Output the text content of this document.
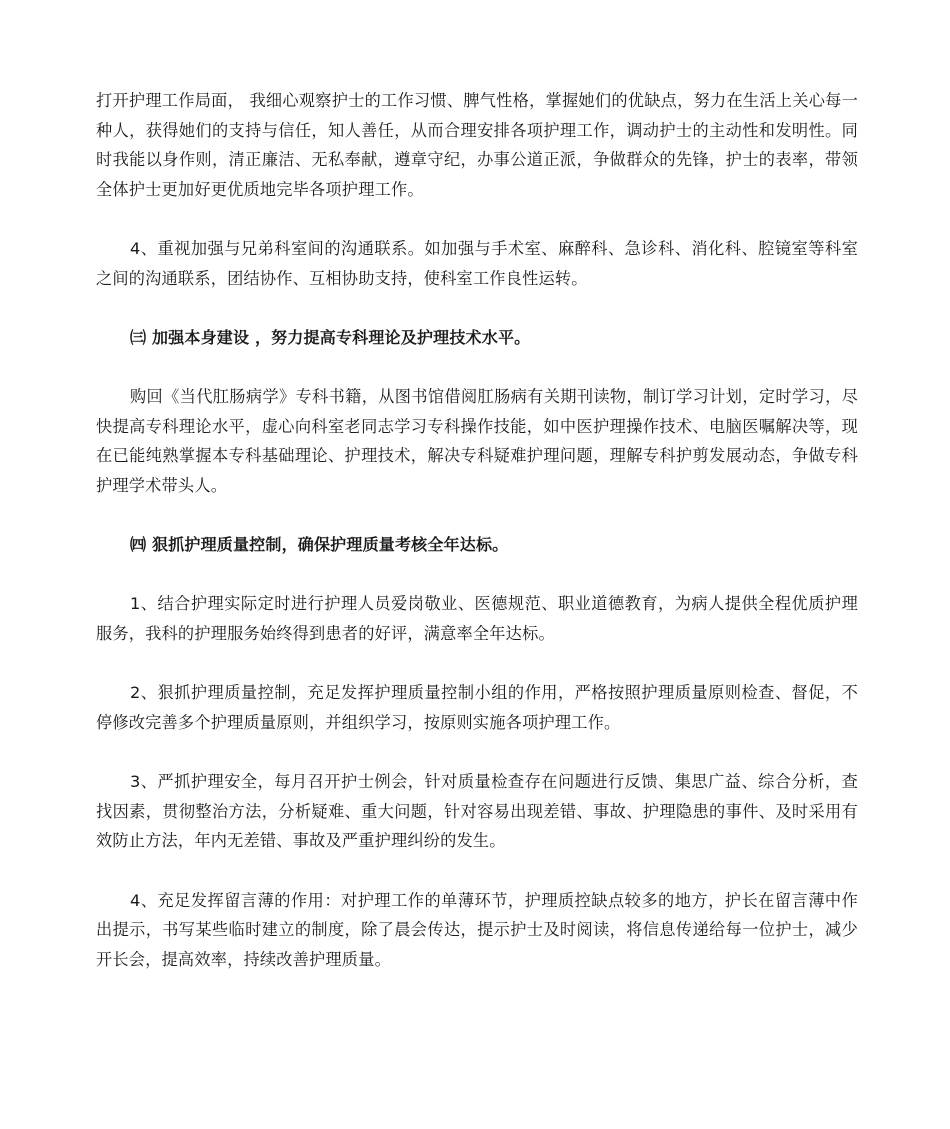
打开护理工作局面， 我细心观察护士的工作习惯、脾气性格，掌握她们的优缺点，努力在生活上关心每一种人，获得她们的支持与信任，知人善任，从而合理安排各项护理工作，调动护士的主动性和发明性。同时我能以身作则，清正廉洁、无私奉献，遵章守纪，办事公道正派，争做群众的先锋，护士的表率，带领全体护士更加好更优质地完毕各项护理工作。

4、重视加强与兄弟科室间的沟通联系。如加强与手术室、麻醉科、急诊科、消化科、腔镜室等科室之间的沟通联系，团结协作、互相协助支持，使科室工作良性运转。

㈢ 加强本身建设 ，努力提高专科理论及护理技术水平。

购回《当代肛肠病学》专科书籍，从图书馆借阅肛肠病有关期刊读物，制订学习计划，定时学习，尽快提高专科理论水平，虚心向科室老同志学习专科操作技能，如中医护理操作技术、电脑医嘱解决等，现在已能纯熟掌握本专科基础理论、护理技术，解决专科疑难护理问题，理解专科护剪发展动态，争做专科护理学术带头人。

㈣ 狠抓护理质量控制，确保护理质量考核全年达标。

1、结合护理实际定时进行护理人员爱岗敬业、医德规范、职业道德教育，为病人提供全程优质护理服务，我科的护理服务始终得到患者的好评，满意率全年达标。

2、狠抓护理质量控制，充足发挥护理质量控制小组的作用，严格按照护理质量原则检查、督促，不停修改完善多个护理质量原则，并组织学习，按原则实施各项护理工作。

3、严抓护理安全，每月召开护士例会，针对质量检查存在问题进行反馈、集思广益、综合分析，查找因素，贯彻整治方法，分析疑难、重大问题，针对容易出现差错、事故、护理隐患的事件、及时采用有效防止方法，年内无差错、事故及严重护理纠纷的发生。

4、充足发挥留言薄的作用：对护理工作的单薄环节，护理质控缺点较多的地方，护长在留言薄中作出提示，书写某些临时建立的制度，除了晨会传达，提示护士及时阅读，将信息传递给每一位护士，减少开长会，提高效率，持续改善护理质量。
